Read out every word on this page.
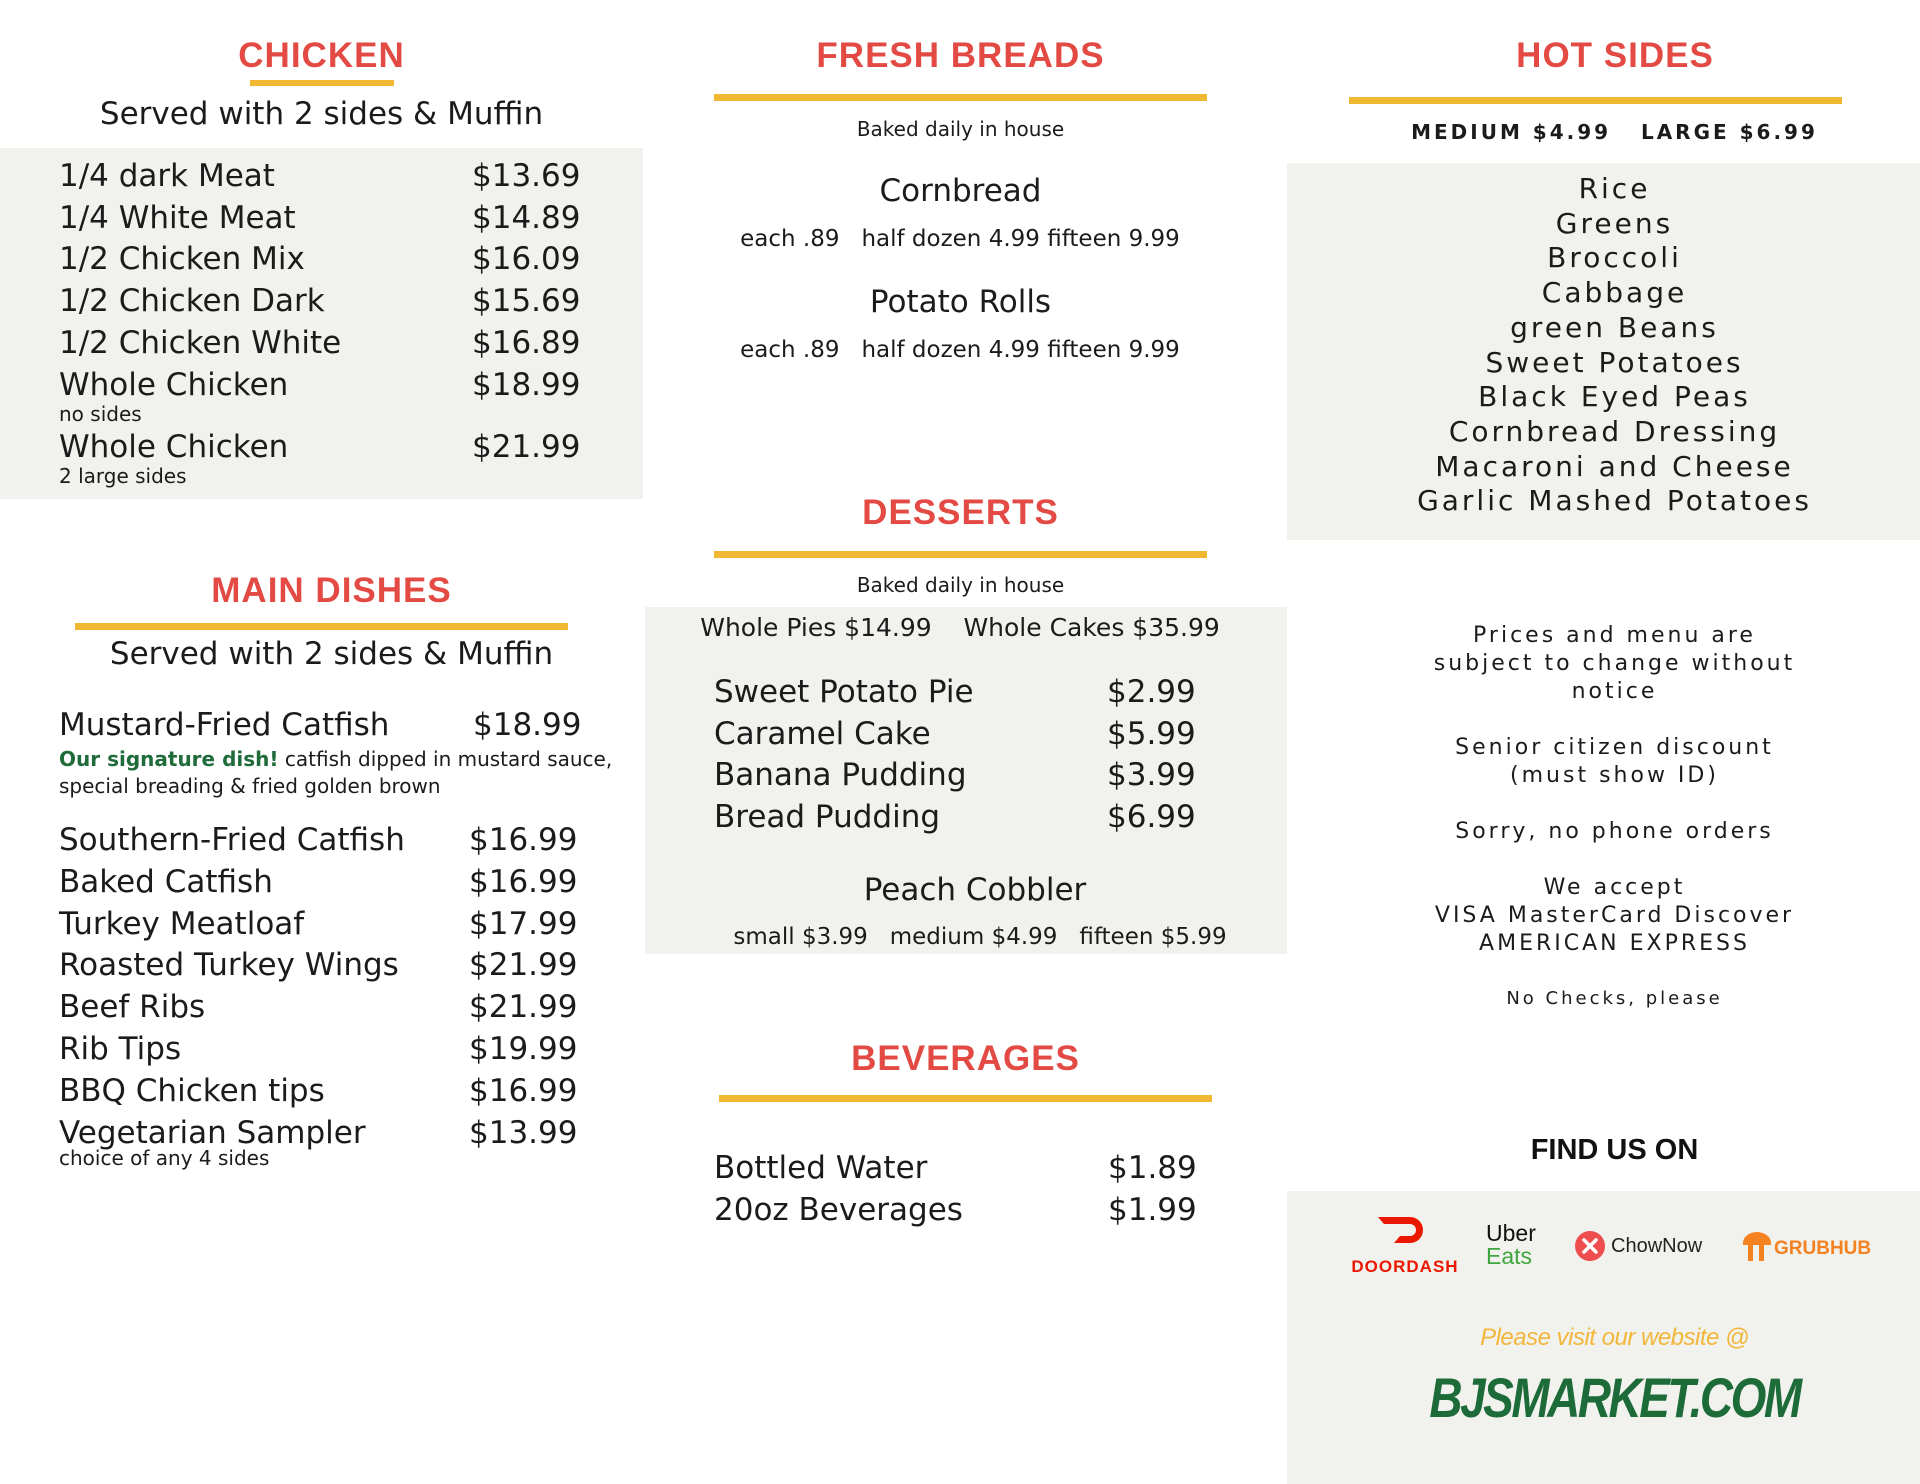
CHICKEN
Served with 2 sides & Muffin
1/4 dark Meat	$13.69
1/4 White Meat	$14.89
1/2 Chicken Mix	$16.09
1/2 Chicken Dark	$15.69
1/2 Chicken White	$16.89
Whole Chicken	$18.99
no sides
Whole Chicken	$21.99
2 large sides
MAIN DISHES
Served with 2 sides & Muffin
Mustard-Fried Catfish	$18.99
Our signature dish! catfish dipped in mustard sauce,
special breading & fried golden brown
Southern-Fried Catfish $16.99
Baked Catfish	$16.99
Turkey Meatloaf	$17.99
Roasted Turkey Wings $21.99
Beef Ribs	$21.99
Rib Tips	$19.99
BBQ Chicken tips	$16.99
Vegetarian Sampler	$13.99
choice of any 4 sides
FRESH BREADS
Baked daily in house
Cornbread
each .89   half dozen 4.99 fifteen 9.99
Potato Rolls
each .89   half dozen 4.99 fifteen 9.99
DESSERTS
Baked daily in house
Whole Pies $14.99    Whole Cakes $35.99
Sweet Potato Pie	$2.99
Caramel Cake	$5.99
Banana Pudding	$3.99
Bread Pudding	$6.99
Peach Cobbler
small $3.99   medium $4.99   fifteen $5.99
BEVERAGES
Bottled Water	$1.89
20oz Beverages	$1.99
HOT SIDES
MEDIUM $4.99   LARGE $6.99
Rice
Greens
Broccoli
Cabbage
green Beans
Sweet Potatoes
Black Eyed Peas
Cornbread Dressing
Macaroni and Cheese
Garlic Mashed Potatoes
Prices and menu are
subject to change without
notice
Senior citizen discount
(must show ID)
Sorry, no phone orders
We accept
VISA MasterCard Discover
AMERICAN EXPRESS
No Checks, please
FIND US ON
DOORDASH
Uber
Eats	ChowNow	GRUBHUB
Please visit our website @
BJSMARKET.COM
